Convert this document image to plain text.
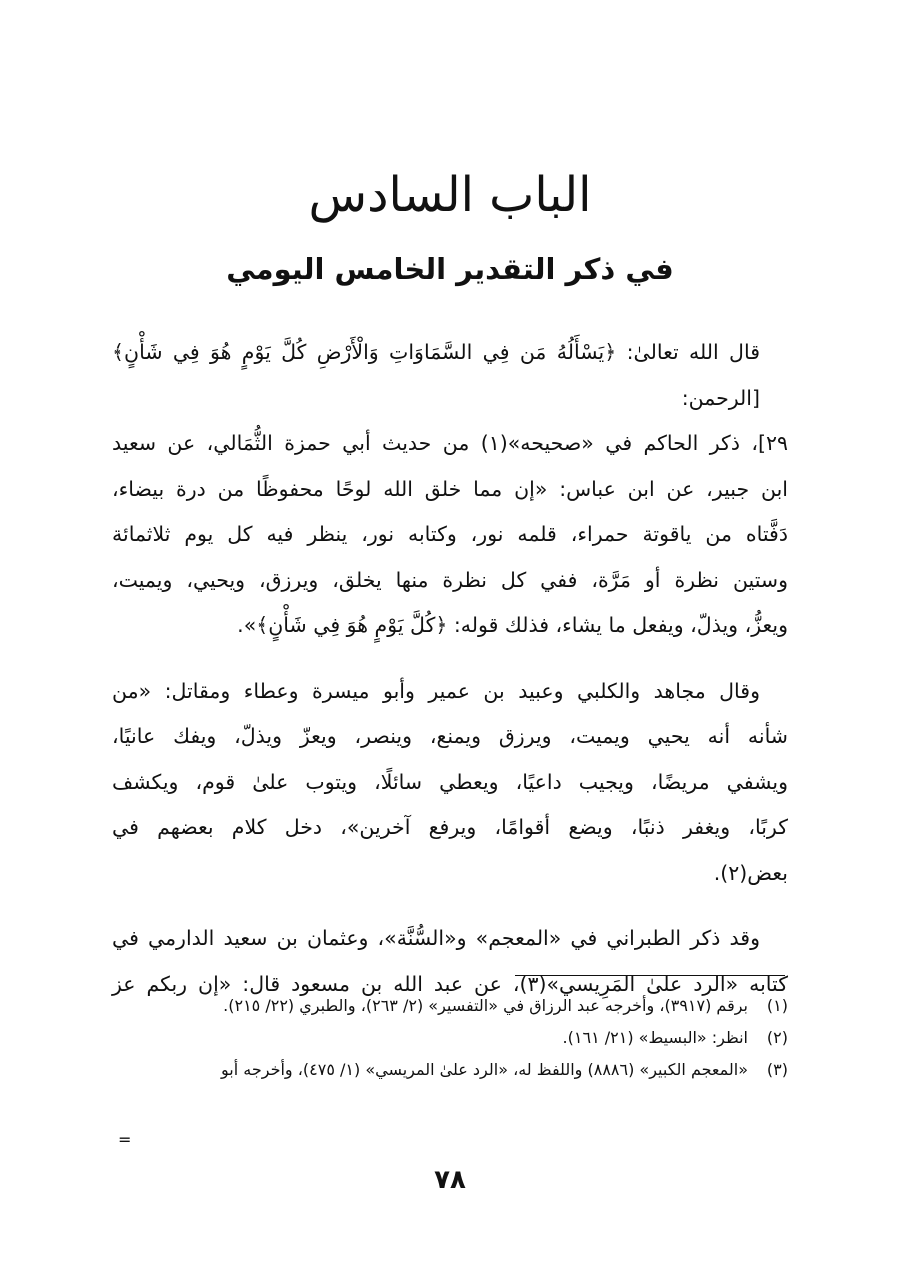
الباب السادس
في ذكر التقدير الخامس اليومي

قال الله تعالىٰ: ﴿يَسْأَلُهُ مَن فِي السَّمَاوَاتِ وَالْأَرْضِ كُلَّ يَوْمٍ هُوَ فِي شَأْنٍ﴾ [الرحمن:

٢٩]، ذكر الحاكم في «صحيحه»(١) من حديث أبي حمزة الثُّمَالي، عن سعيد

ابن جبير، عن ابن عباس: «إن مما خلق الله لوحًا محفوظًا من درة بيضاء،

دَفَّتاه من ياقوتة حمراء، قلمه نور، وكتابه نور، ينظر فيه كل يوم ثلاثمائة

وستين نظرة أو مَرَّة، ففي كل نظرة منها يخلق، ويرزق، ويحيي، ويميت،

ويعزُّ، ويذلّ، ويفعل ما يشاء، فذلك قوله: ﴿كُلَّ يَوْمٍ هُوَ فِي شَأْنٍ﴾».

وقال مجاهد والكلبي وعبيد بن عمير وأبو ميسرة وعطاء ومقاتل: «من

شأنه أنه يحيي ويميت، ويرزق ويمنع، وينصر، ويعزّ ويذلّ، ويفك عانيًا،

ويشفي مريضًا، ويجيب داعيًا، ويعطي سائلًا، ويتوب علىٰ قوم، ويكشف

كربًا، ويغفر ذنبًا، ويضع أقوامًا، ويرفع آخرين»، دخل كلام بعضهم في

بعض(٢).

وقد ذكر الطبراني في «المعجم» و«السُّنَّة»، وعثمان بن سعيد الدارمي في

كتابه «الرد علىٰ المَرِيسي»(٣)، عن عبد الله بن مسعود قال: «إن ربكم عز

(١)
برقم (٣٩١٧)، وأخرجه عبد الرزاق في «التفسير» (٢/ ٢٦٣)، والطبري (٢٢/ ٢١٥).
(٢)
انظر: «البسيط» (٢١/ ١٦١).
(٣)
«المعجم الكبير» (٨٨٨٦) واللفظ له، «الرد علىٰ المريسي» (١/ ٤٧٥)، وأخرجه أبو
=
٧٨
